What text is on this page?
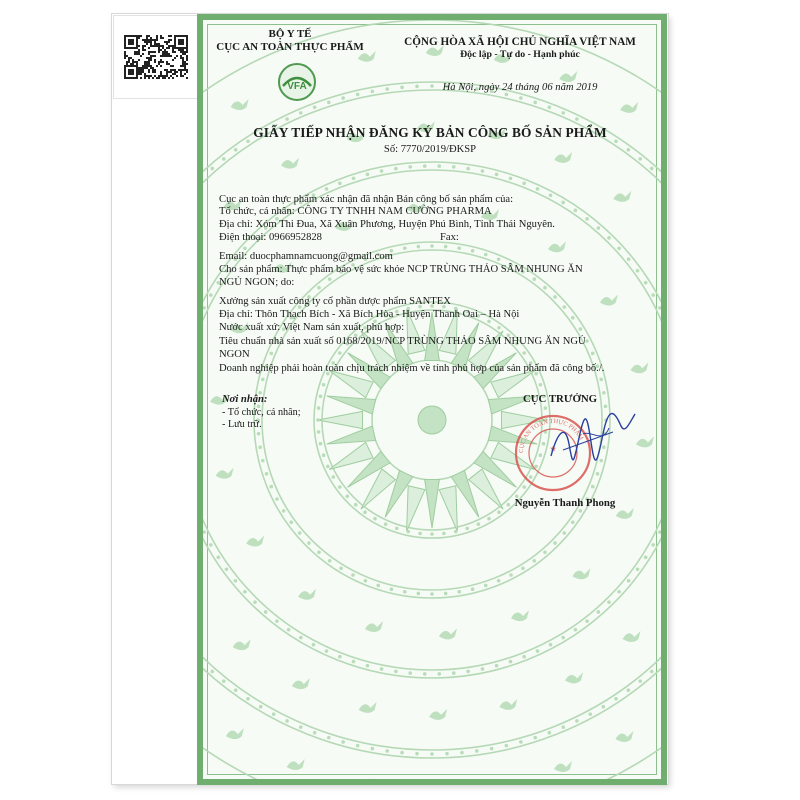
BỘ Y TẾ
CỤC AN TOÀN THỰC PHẨM
VFA
CỘNG HÒA XÃ HỘI CHỦ NGHĨA VIỆT NAM
Độc lập - Tự do - Hạnh phúc
Hà Nội, ngày 24 tháng 06 năm 2019
GIẤY TIẾP NHẬN ĐĂNG KÝ BẢN CÔNG BỐ SẢN PHẨM
Số: 7770/2019/ĐKSP
Cục an toàn thực phẩm xác nhận đã nhận Bản công bố sản phẩm của:
Tổ chức, cá nhân: CÔNG TY TNHH NAM CƯỜNG PHARMA
Địa chỉ: Xóm Thi Đua, Xã Xuân Phương, Huyện Phú Bình, Tỉnh Thái Nguyên.
Điện thoại: 0966952828	Fax:
Email: duocphamnamcuong@gmail.com
Cho sản phẩm: Thực phẩm bảo vệ sức khỏe NCP TRÙNG THẢO SÂM NHUNG ĂN
NGỦ NGON; do:
Xưởng sản xuất công ty cổ phần dược phẩm SANTEX
Địa chỉ: Thôn Thạch Bích - Xã Bích Hòa - Huyện Thanh Oai – Hà Nội
Nước xuất xứ: Việt Nam sản xuất, phù hợp:
Tiêu chuẩn nhà sản xuất số 0168/2019/NCP TRÙNG THẢO SÂM NHUNG ĂN NGỦ
NGON
Doanh nghiệp phải hoàn toàn chịu trách nhiệm về tính phù hợp của sản phẩm đã công bố./.
Nơi nhận:
- Tổ chức, cá nhân;
- Lưu trữ.
CỤC TRƯỞNG
CỤC AN TOÀN THỰC PHẨM
★
Nguyễn Thanh Phong
